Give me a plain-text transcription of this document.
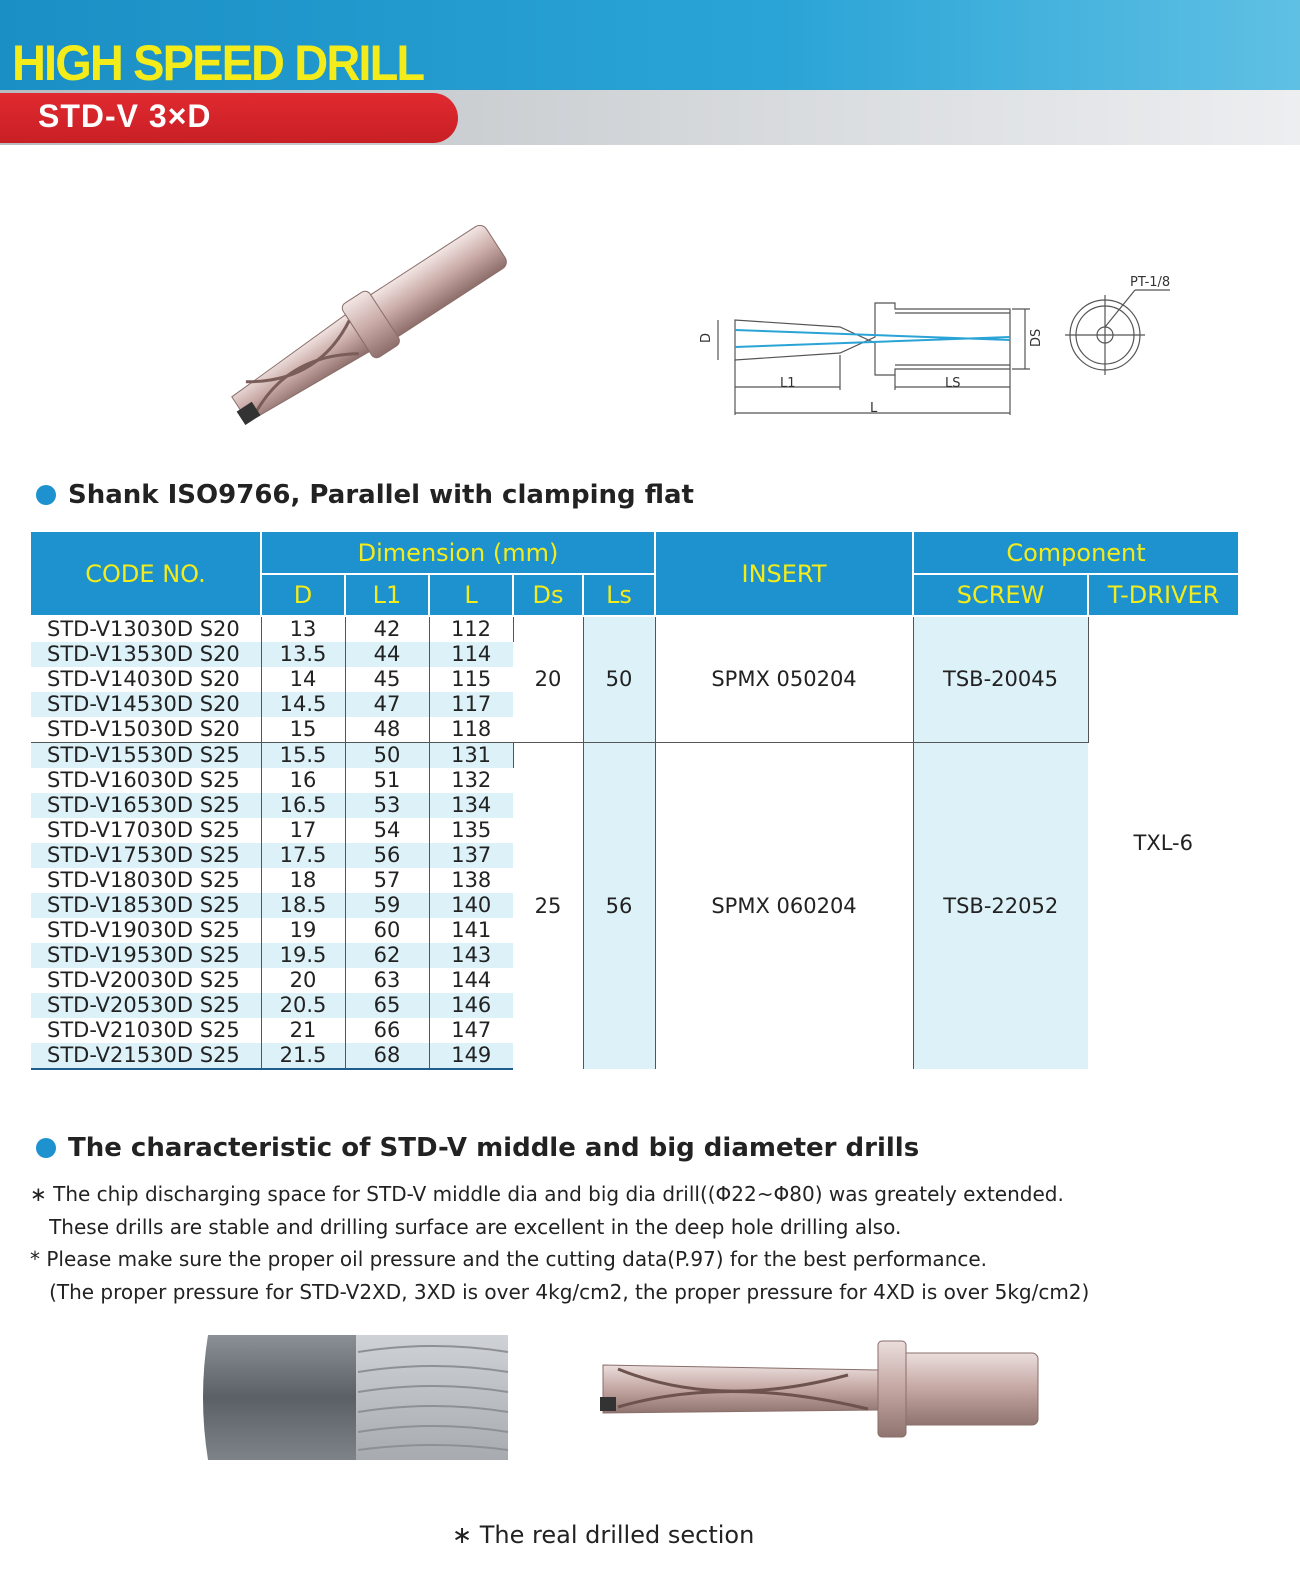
HIGH SPEED DRILL
STD-V 3×D
L1	LS
L
D	DS
PT-1/8
Shank ISO9766, Parallel with clamping flat
CODE NO.	Dimension (mm)					INSERT	Component	
	D	L1	L	Ds	Ls		SCREW	T-DRIVER
STD-V13030D S20	13	42	112	20	50	SPMX 050204	TSB-20045	TXL-6
STD-V13530D S20	13.5	44	114					
STD-V14030D S20	14	45	115					
STD-V14530D S20	14.5	47	117					
STD-V15030D S20	15	48	118					
STD-V15530D S25	15.5	50	131	25	56	SPMX 060204	TSB-22052	
STD-V16030D S25	16	51	132					
STD-V16530D S25	16.5	53	134					
STD-V17030D S25	17	54	135					
STD-V17530D S25	17.5	56	137					
STD-V18030D S25	18	57	138					
STD-V18530D S25	18.5	59	140					
STD-V19030D S25	19	60	141					
STD-V19530D S25	19.5	62	143					
STD-V20030D S25	20	63	144					
STD-V20530D S25	20.5	65	146					
STD-V21030D S25	21	66	147					
STD-V21530D S25	21.5	68	149					
The characteristic of STD-V middle and big diameter drills
∗ The chip discharging space for STD-V middle dia and big dia drill((Φ22~Φ80) was greately extended.
These drills are stable and drilling surface are excellent in the deep hole drilling also.
* Please make sure the proper oil pressure and the cutting data(P.97) for the best performance.
(The proper pressure for STD-V2XD, 3XD is over 4kg/cm2, the proper pressure for 4XD is over 5kg/cm2)
∗ The real drilled section
